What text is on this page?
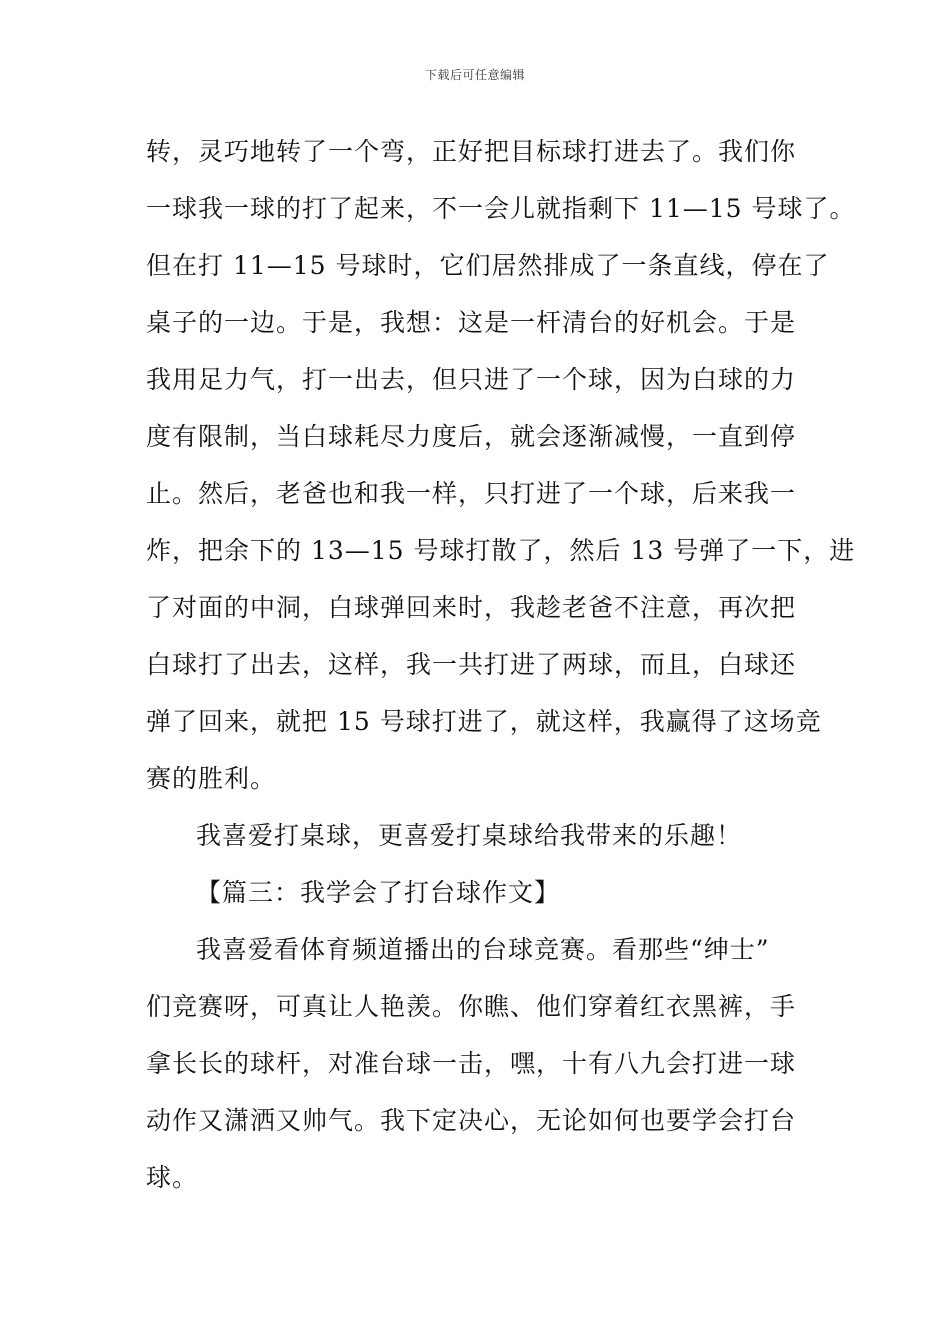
下载后可任意编辑
转，灵巧地转了一个弯，正好把目标球打进去了。我们你
一球我一球的打了起来，不一会儿就指剩下 11—15 号球了。
但在打 11—15 号球时，它们居然排成了一条直线，停在了
桌子的一边。于是，我想：这是一杆清台的好机会。于是
我用足力气，打一出去，但只进了一个球，因为白球的力
度有限制，当白球耗尽力度后，就会逐渐减慢，一直到停
止。然后，老爸也和我一样，只打进了一个球，后来我一
炸，把余下的 13—15 号球打散了，然后 13 号弹了一下，进
了对面的中洞，白球弹回来时，我趁老爸不注意，再次把
白球打了出去，这样，我一共打进了两球，而且，白球还
弹了回来，就把 15 号球打进了，就这样，我赢得了这场竞
赛的胜利。
我喜爱打桌球，更喜爱打桌球给我带来的乐趣！
【篇三：我学会了打台球作文】
我喜爱看体育频道播出的台球竞赛。看那些“绅士”
们竞赛呀，可真让人艳羡。你瞧、他们穿着红衣黑裤，手
拿长长的球杆，对准台球一击，嘿，十有八九会打进一球
动作又潇洒又帅气。我下定决心，无论如何也要学会打台
球。
